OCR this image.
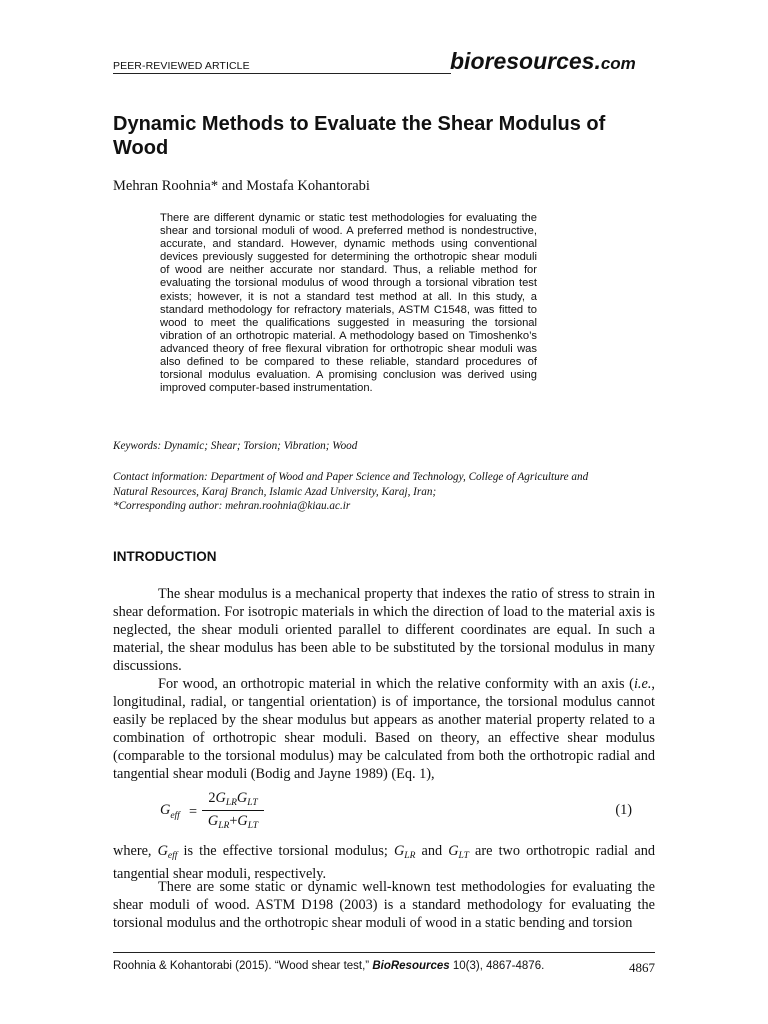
PEER-REVIEWED ARTICLE	bioresources.com
Dynamic Methods to Evaluate the Shear Modulus of Wood
Mehran Roohnia* and Mostafa Kohantorabi
There are different dynamic or static test methodologies for evaluating the shear and torsional moduli of wood. A preferred method is nondestructive, accurate, and standard. However, dynamic methods using conventional devices previously suggested for determining the orthotropic shear moduli of wood are neither accurate nor standard. Thus, a reliable method for evaluating the torsional modulus of wood through a torsional vibration test exists; however, it is not a standard test method at all. In this study, a standard methodology for refractory materials, ASTM C1548, was fitted to wood to meet the qualifications suggested in measuring the torsional vibration of an orthotropic material. A methodology based on Timoshenko’s advanced theory of free flexural vibration for orthotropic shear moduli was also defined to be compared to these reliable, standard procedures of torsional modulus evaluation. A promising conclusion was derived using improved computer-based instrumentation.
Keywords: Dynamic; Shear; Torsion; Vibration; Wood
Contact information: Department of Wood and Paper Science and Technology, College of Agriculture and
Natural Resources, Karaj Branch, Islamic Azad University, Karaj, Iran;
*Corresponding author: mehran.roohnia@kiau.ac.ir
INTRODUCTION
The shear modulus is a mechanical property that indexes the ratio of stress to strain in shear deformation. For isotropic materials in which the direction of load to the material axis is neglected, the shear moduli oriented parallel to different coordinates are equal. In such a material, the shear modulus has been able to be substituted by the torsional modulus in many discussions.
For wood, an orthotropic material in which the relative conformity with an axis (i.e., longitudinal, radial, or tangential orientation) is of importance, the torsional modulus cannot easily be replaced by the shear modulus but appears as another material property related to a combination of orthotropic shear moduli. Based on theory, an effective shear modulus (comparable to the torsional modulus) may be calculated from both the orthotropic radial and tangential shear moduli (Bodig and Jayne 1989) (Eq. 1),
$G_{eff}$ =
$2G_{LR}G_{LT}$
$G_{LR}+G_{LT}$
(1)
where, $G_{eff}$ is the effective torsional modulus; $G_{LR}$ and $G_{LT}$ are two orthotropic radial and tangential shear moduli, respectively.
There are some static or dynamic well-known test methodologies for evaluating the shear moduli of wood. ASTM D198 (2003) is a standard methodology for evaluating the torsional modulus and the orthotropic shear moduli of wood in a static bending and torsion
Roohnia & Kohantorabi (2015). “Wood shear test,” BioResources 10(3), 4867-4876.	4867
